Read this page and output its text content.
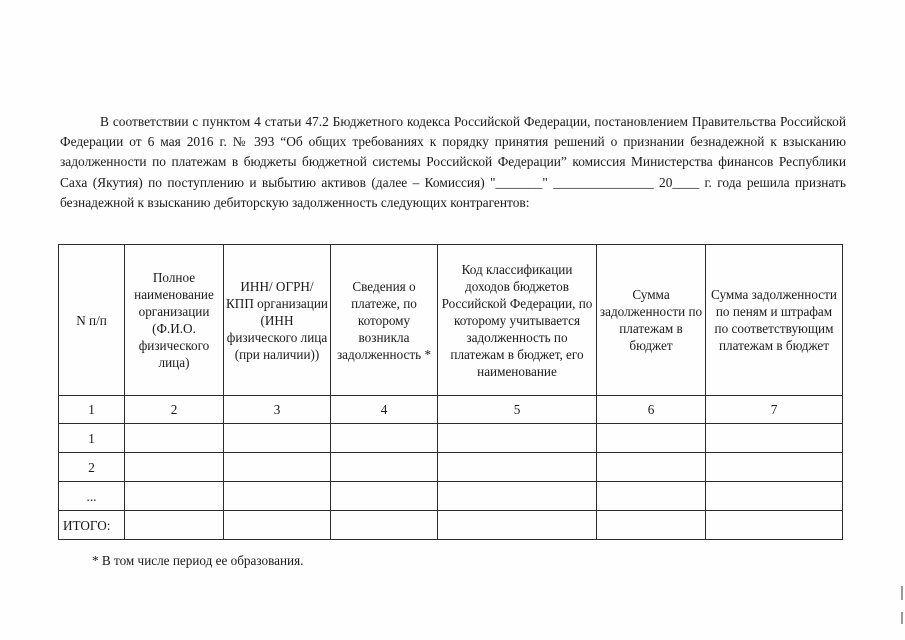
В соответствии с пунктом 4 статьи 47.2 Бюджетного кодекса Российской Федерации, постановлением Правительства Российской Федерации от 6 мая 2016 г. № 393 “Об общих требованиях к порядку принятия решений о признании безнадежной к взысканию задолженности по платежам в бюджеты бюджетной системы Российской Федерации” комиссия Министерства финансов Республики Саха (Якутия) по поступлению и выбытию активов (далее – Комиссия) "_______" _______________ 20____ г. года решила признать безнадежной к взысканию дебиторскую задолженность следующих контрагентов:

N п/п	Полное наименование организации (Ф.И.О. физического лица)	ИНН/ ОГРН/ КПП организации (ИНН физического лица (при наличии))	Сведения о платеже, по которому возникла задолженность *	Код классификации доходов бюджетов Российской Федерации, по которому учитывается задолженность по платежам в бюджет, его наименование	Сумма задолженности по платежам в бюджет	Сумма задолженности по пеням и штрафам по соответствующим платежам в бюджет
1	2	3	4	5	6	7
1						
2						
...						
ИТОГО:						

* В том числе период ее образования.
